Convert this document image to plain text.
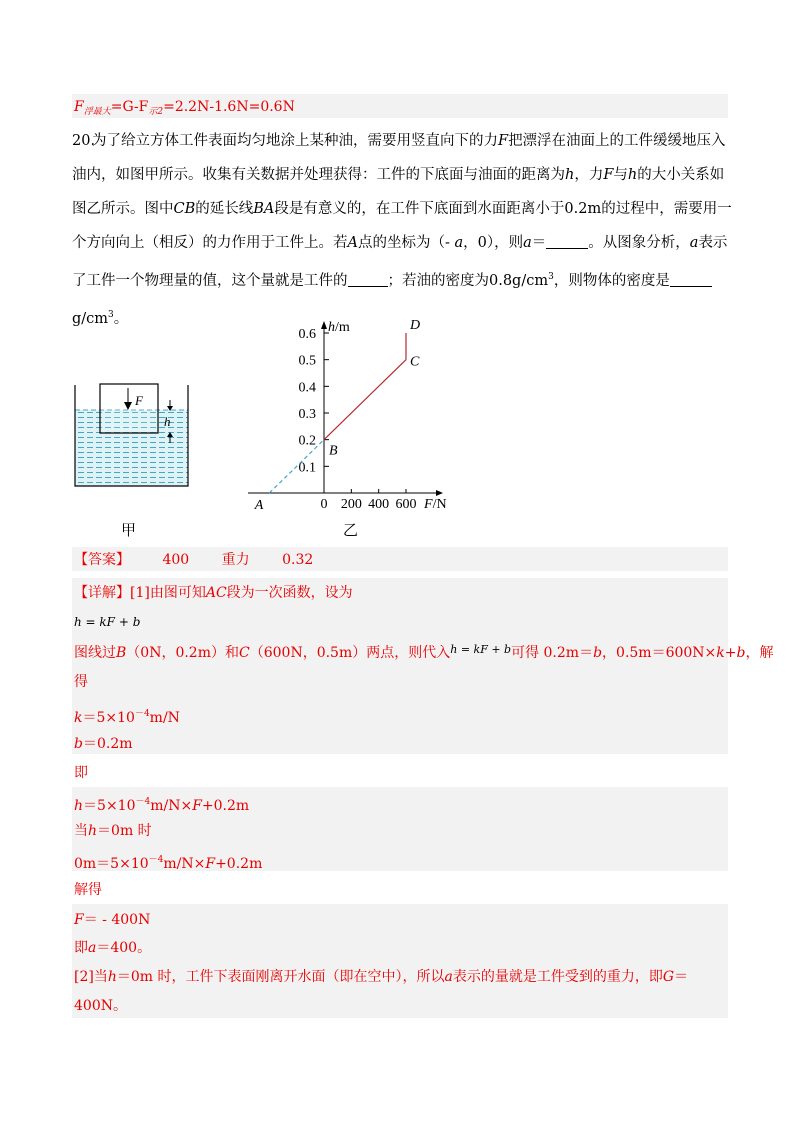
$F_{浮最大}=G-F_{示2}=2.2N-1.6N=0.6N$
20.为了给立方体工件表面均匀地涂上某种油，需要用竖直向下的力F把漂浮在油面上的工件缓缓地压入
油内，如图甲所示。收集有关数据并处理获得：工件的下底面与油面的距离为h，力F与h的大小关系如
图乙所示。图中CB的延长线BA段是有意义的，在工件下底面到水面距离小于0.2m的过程中，需要用一
个方向向上（相反）的力作用于工件上。若A点的坐标为（- a，0），则a＝	。从图象分析，a表示
了工件一个物理量的值，这个量就是工件的	；若油的密度为$0.8g/cm^3$，则物体的密度是
$g/cm^3$。
F
h
甲
0.1
0.2
0.3
0.4
0.5
0.6
200 400 600
0
h/m
F/N
A
B
C
D
乙
【答案】 400 重力 0.32
【详解】[1]由图可知AC段为一次函数，设为
h = kF + b
图线过B（0N，0.2m）和C（600N，0.5m）两点，则代入$^{h = kF + b}$可得 0.2m＝b，0.5m＝600N×k+b，解
得
$k=5\times 10^{-4}m/N$
b＝0.2m
即
$h=5\times 10^{-4}m/N\times F+0.2m$
当h＝0m 时
$0m=5\times 10^{-4}m/N\times F+0.2m$
解得
F＝ - 400N
即a＝400。
[2]当h＝0m 时，工件下表面刚离开水面（即在空中），所以a表示的量就是工件受到的重力，即G＝
400N。
